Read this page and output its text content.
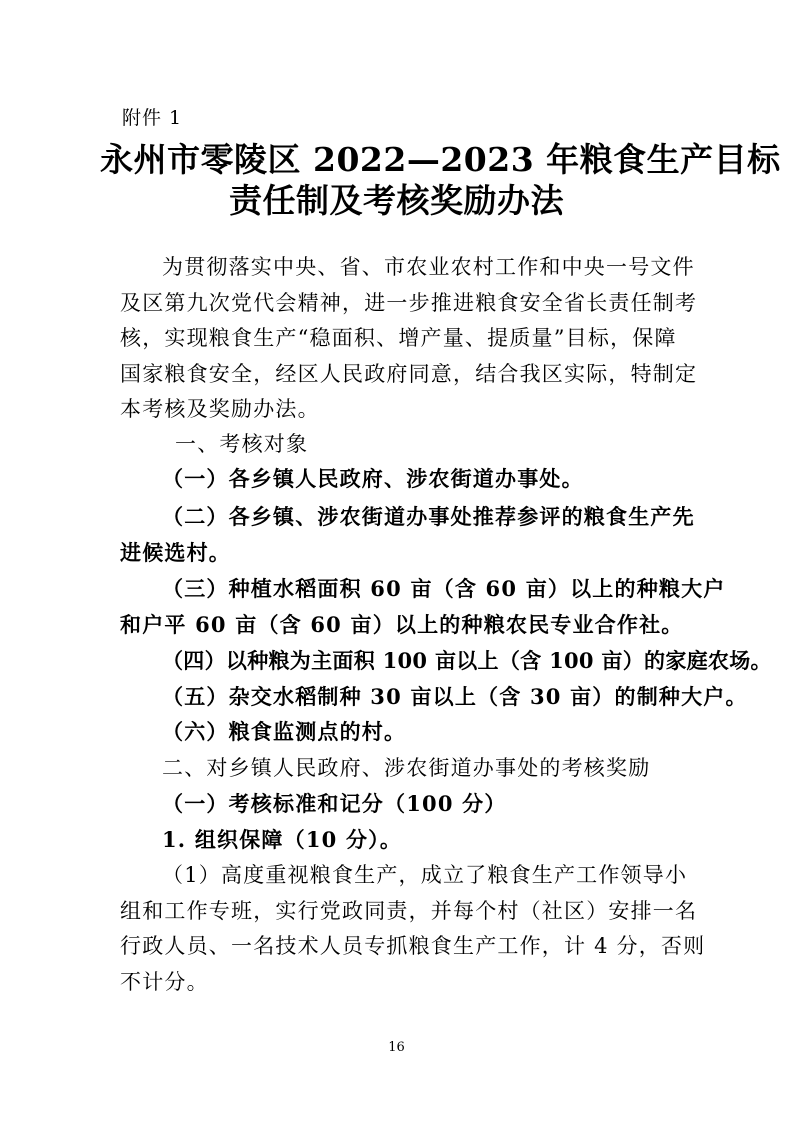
附件 1
永州市零陵区 2022—2023 年粮食生产目标
责任制及考核奖励办法
为贯彻落实中央、省、市农业农村工作和中央一号文件
及区第九次党代会精神，进一步推进粮食安全省长责任制考
核，实现粮食生产“稳面积、增产量、提质量”目标，保障
国家粮食安全，经区人民政府同意，结合我区实际，特制定
本考核及奖励办法。
一、考核对象
（一）各乡镇人民政府、涉农街道办事处。
（二）各乡镇、涉农街道办事处推荐参评的粮食生产先
进候选村。
（三）种植水稻面积 60 亩（含 60 亩）以上的种粮大户
和户平 60 亩（含 60 亩）以上的种粮农民专业合作社。
（四）以种粮为主面积 100 亩以上（含 100 亩）的家庭农场。
（五）杂交水稻制种 30 亩以上（含 30 亩）的制种大户。
（六）粮食监测点的村。
二、对乡镇人民政府、涉农街道办事处的考核奖励
（一）考核标准和记分（100 分）
1. 组织保障（10 分）。
（1）高度重视粮食生产，成立了粮食生产工作领导小
组和工作专班，实行党政同责，并每个村（社区）安排一名
行政人员、一名技术人员专抓粮食生产工作，计 4 分，否则
不计分。
16
